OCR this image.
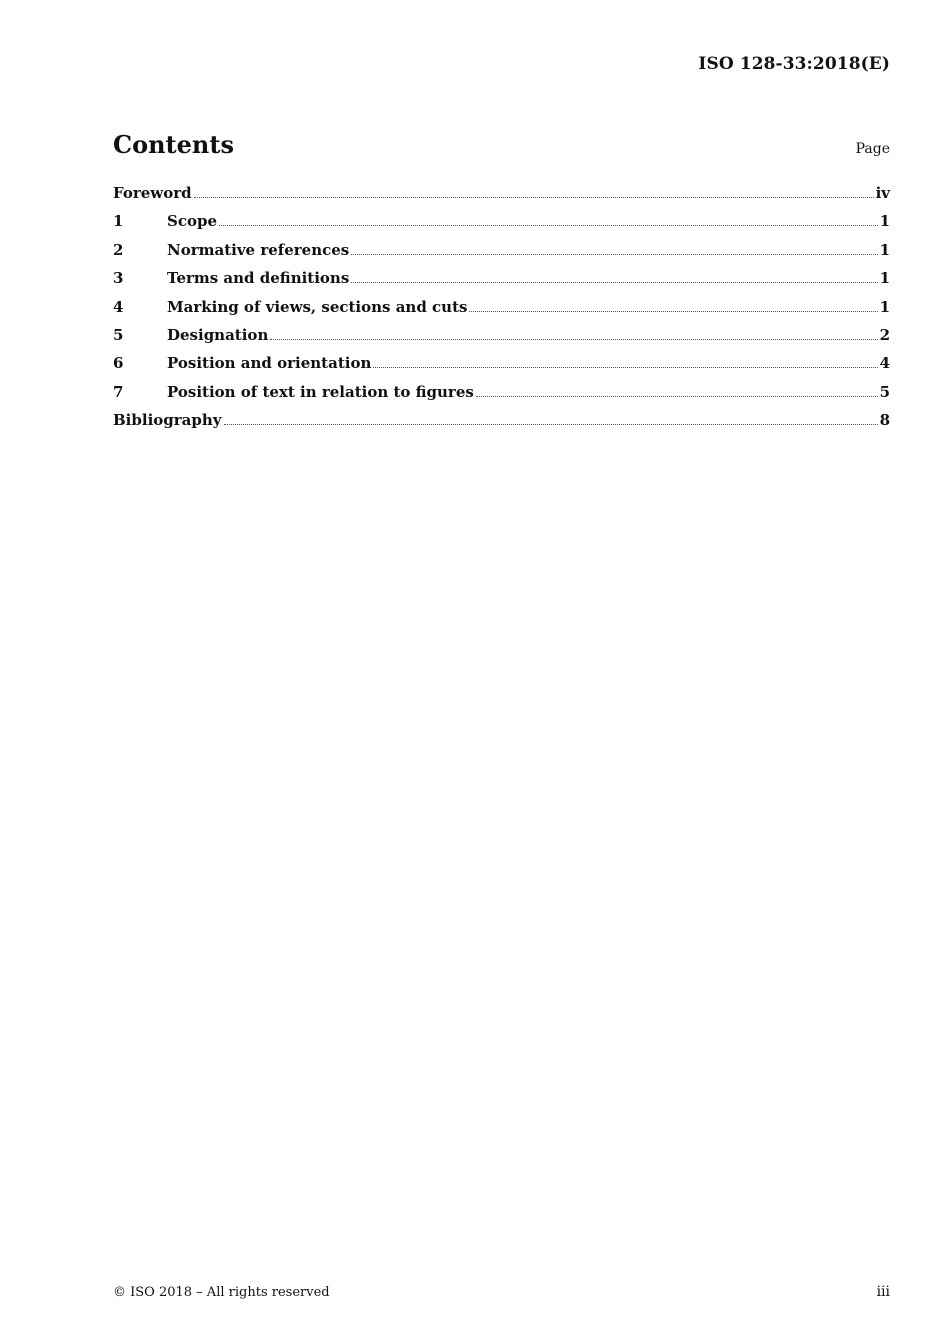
ISO 128-33:2018(E)
Contents	Page
Foreword	iv
1	Scope	1
2	Normative references	1
3	Terms and definitions	1
4	Marking of views, sections and cuts	1
5	Designation	2
6	Position and orientation	4
7	Position of text in relation to figures	5
Bibliography	8
© ISO 2018 – All rights reserved	iii
